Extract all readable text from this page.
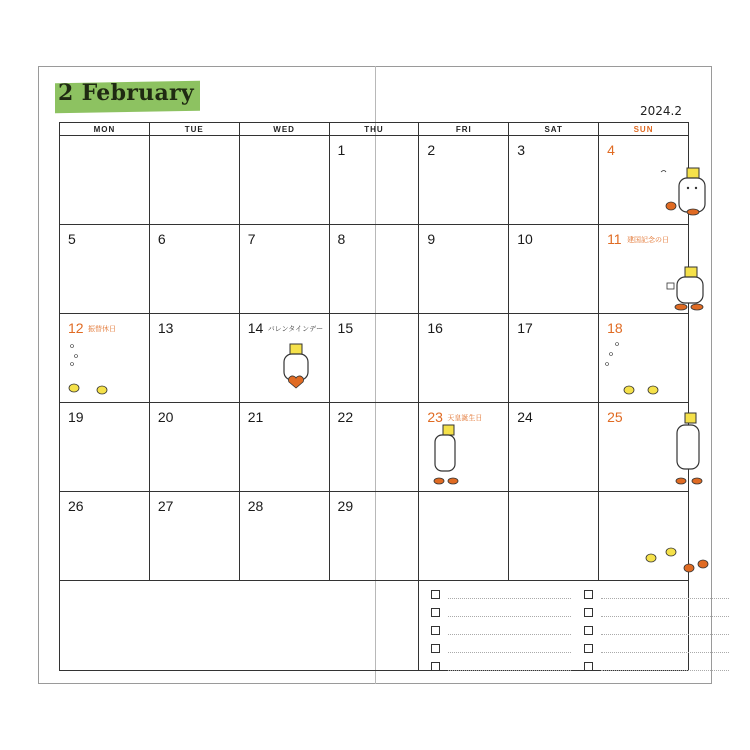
2 February
2024.2
MON	TUE	WED	THU	FRI	SAT	SUN

			1	2	3	4

5	6	7	8	9	10	11 建国記念の日

12 振替休日	13	14 バレンタインデー	15	16	17	18

19	20	21	22	23 天皇誕生日	24	25

26	27	28	29
